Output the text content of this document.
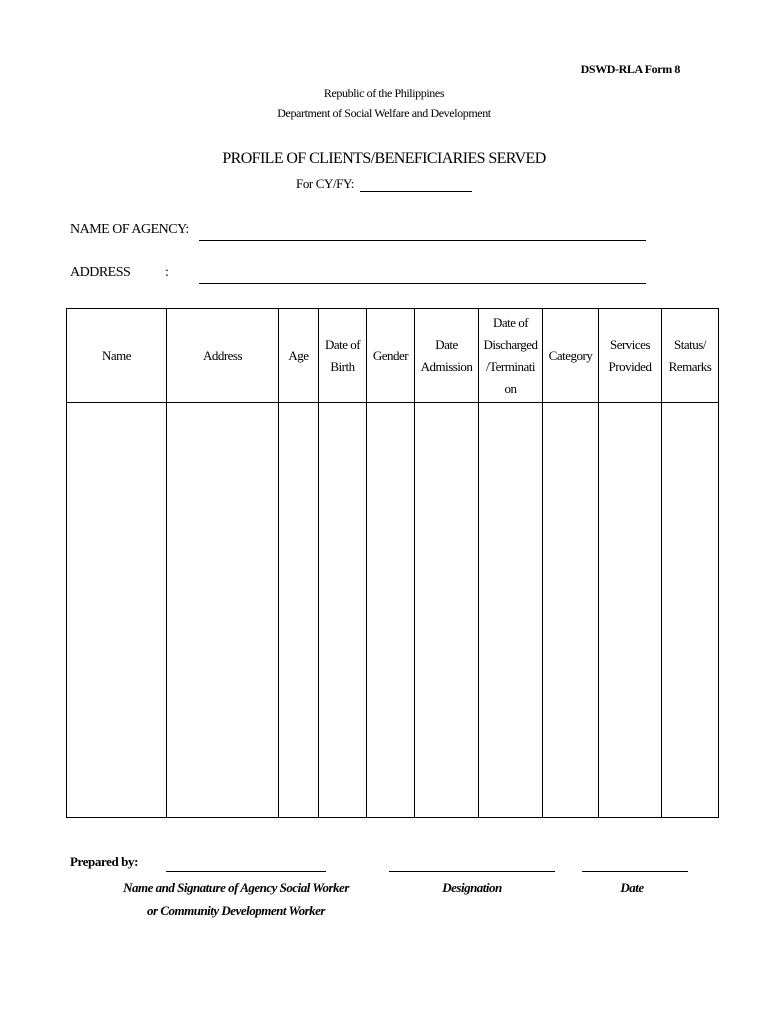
DSWD-RLA Form 8
Republic of the Philippines
Department of Social Welfare and Development
PROFILE OF CLIENTS/BENEFICIARIES SERVED
For CY/FY:
NAME OF AGENCY:
ADDRESS :
Name	Address	Age	Date of Birth	Gender	Date Admission	Date of Discharged /Terminati on	Category	Services Provided	Status/ Remarks

Prepared by:
Name and Signature of Agency Social Worker
or Community Development Worker
Designation	Date
